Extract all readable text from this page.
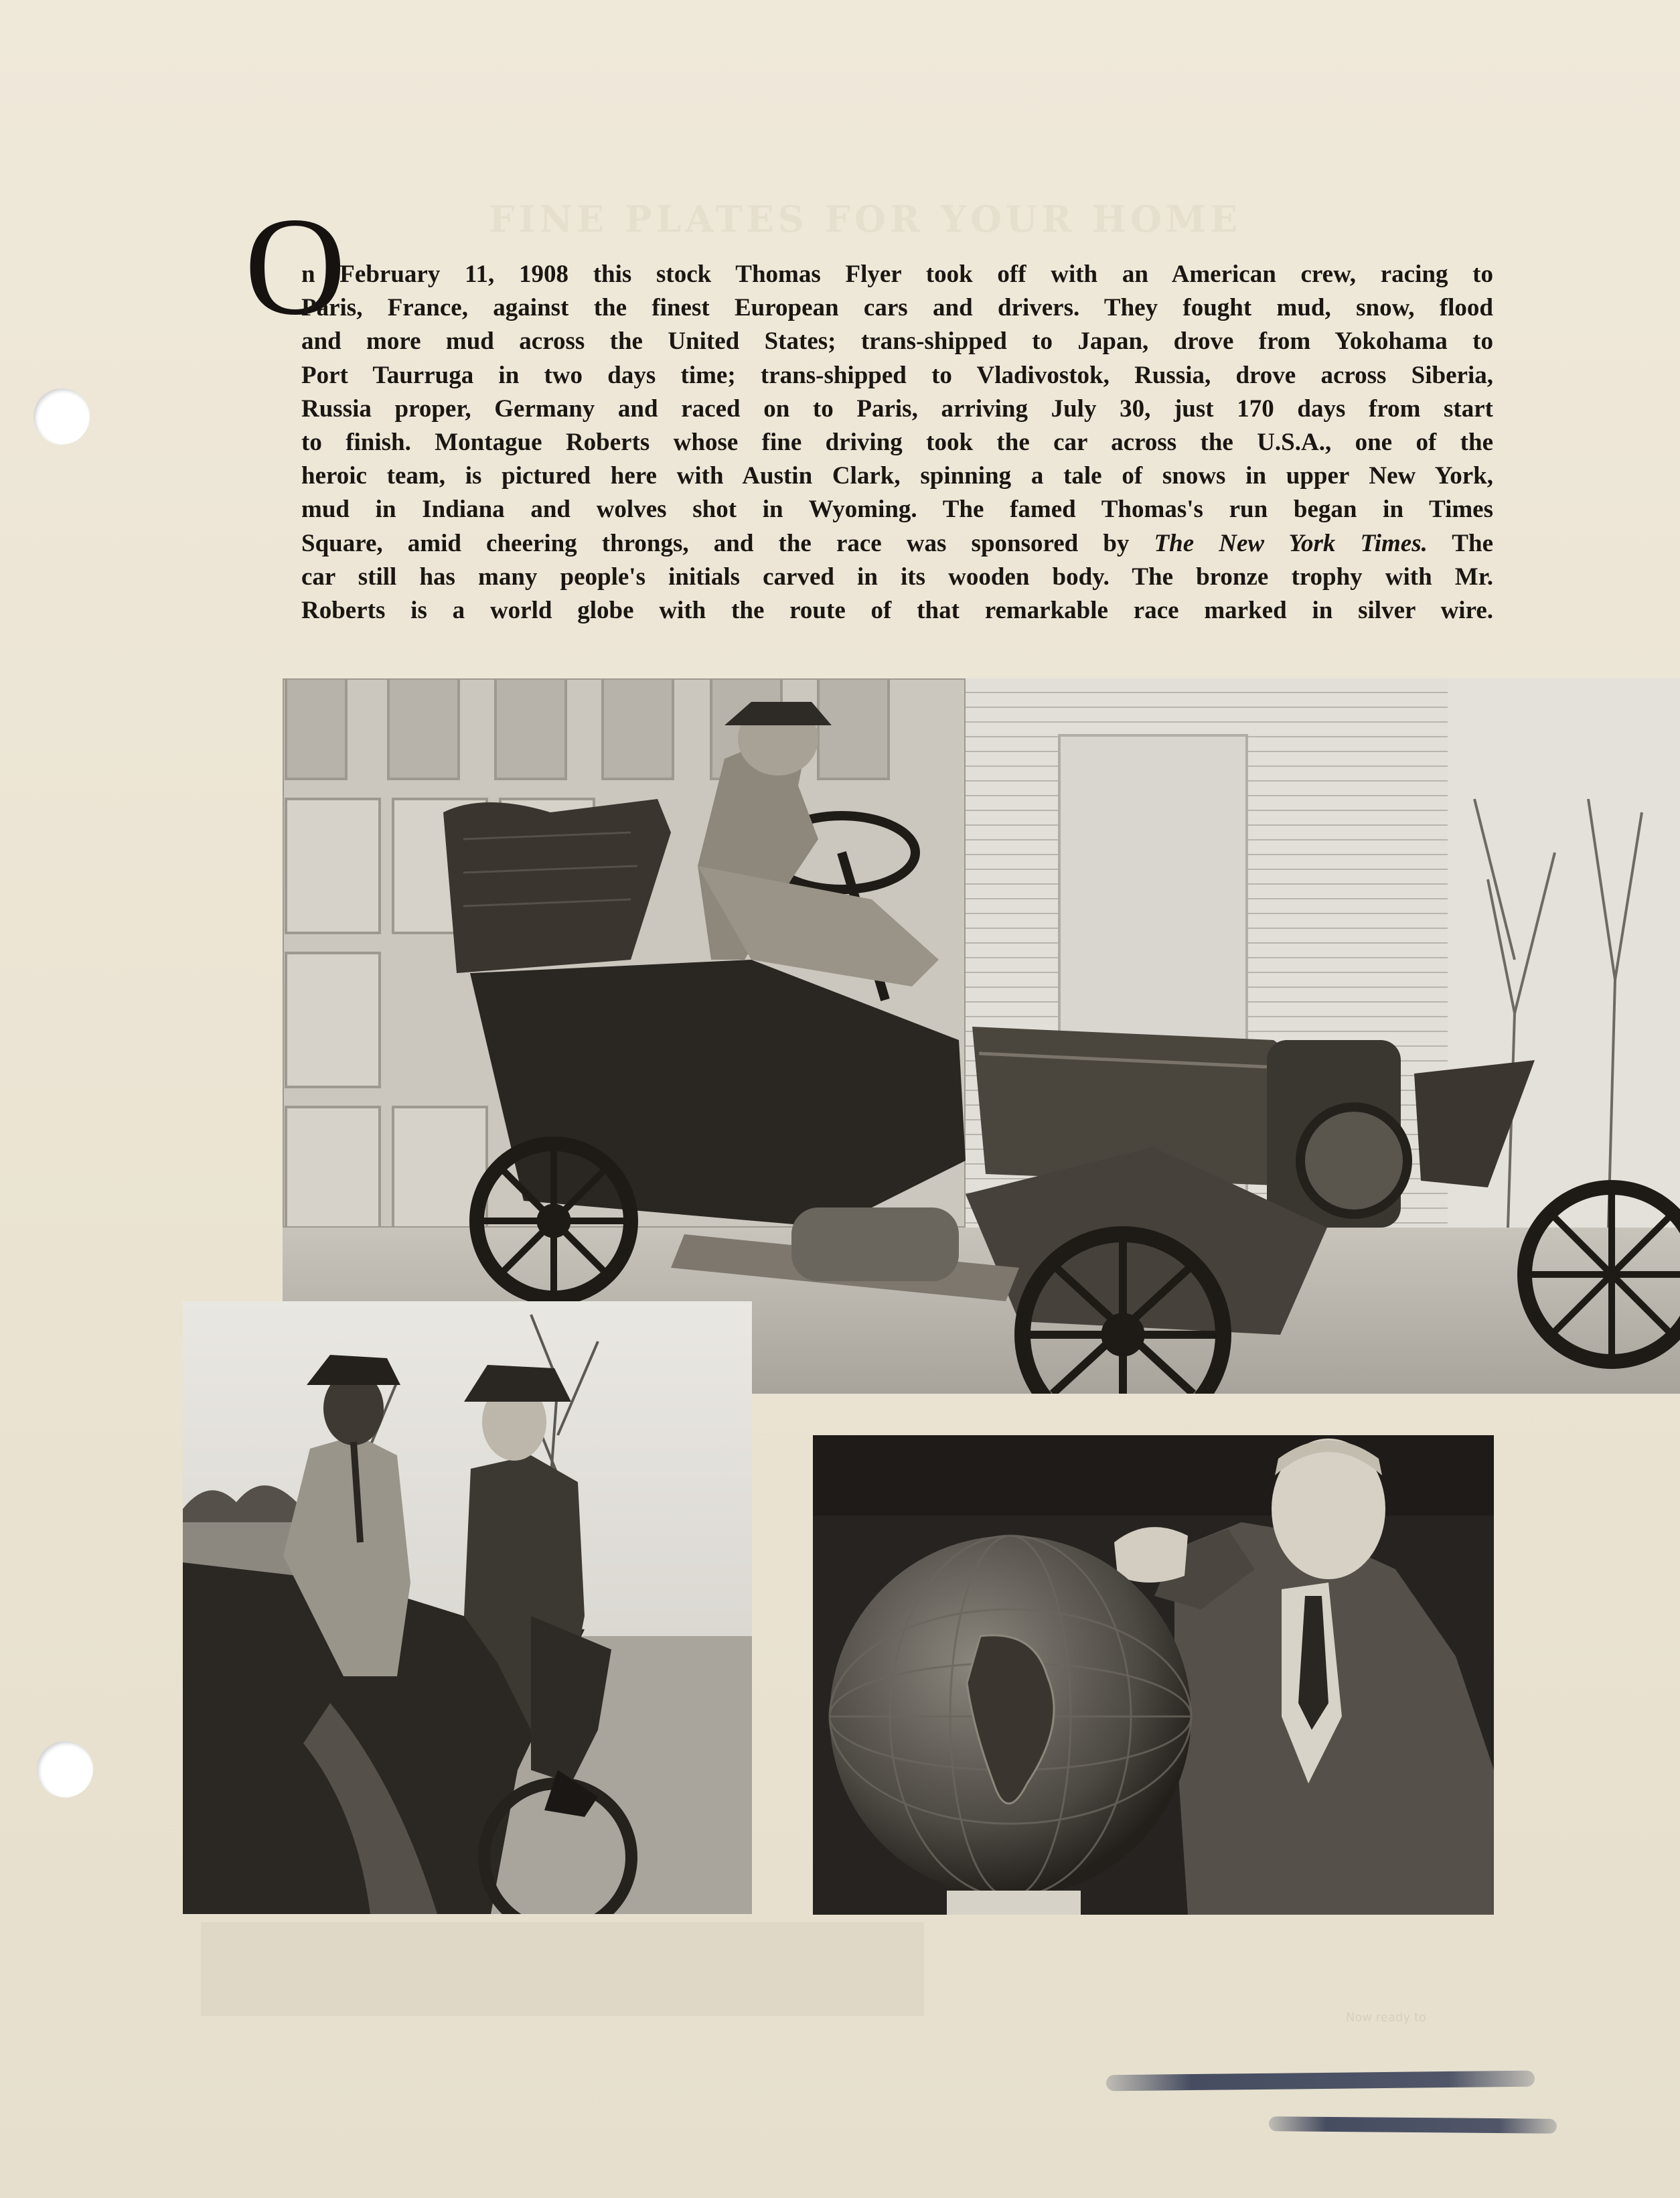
FINE PLATES FOR YOUR HOME
O

n February 11, 1908 this stock Thomas Flyer took off with an American crew, racing to
Paris, France, against the finest European cars and drivers. They fought mud, snow, flood
and more mud across the United States; trans-shipped to Japan, drove from Yokohama to
Port Taurruga in two days time; trans-shipped to Vladivostok, Russia, drove across Siberia,
Russia proper, Germany and raced on to Paris, arriving July 30, just 170 days from start
to finish. Montague Roberts whose fine driving took the car across the U.S.A., one of the
heroic team, is pictured here with Austin Clark, spinning a tale of snows in upper New York,
mud in Indiana and wolves shot in Wyoming. The famed Thomas's run began in Times
Square, amid cheering throngs, and the race was sponsored by The New York Times. The
car still has many people's initials carved in its wooden body. The bronze trophy with Mr.
Roberts is a world globe with the route of that remarkable race marked in silver wire.

Now ready to
